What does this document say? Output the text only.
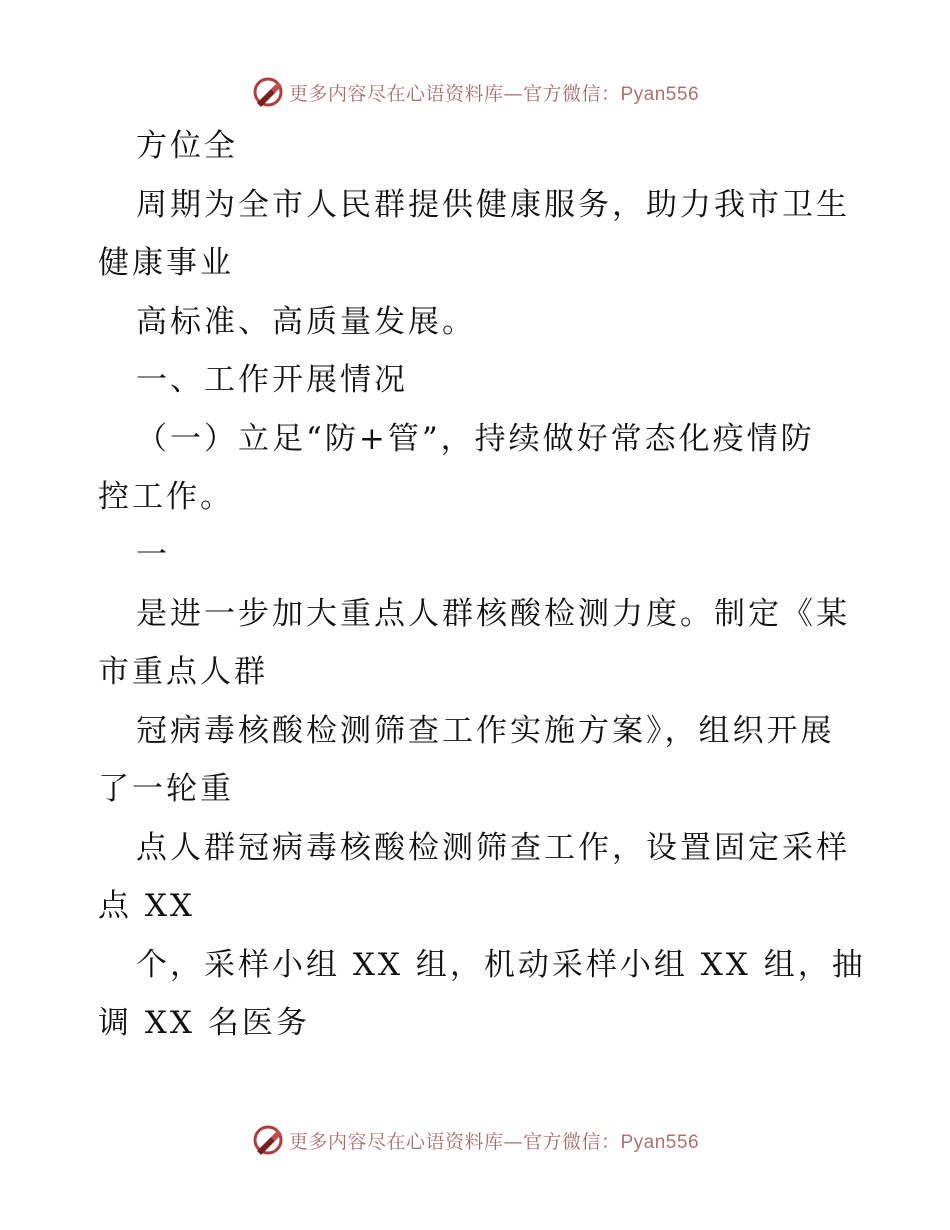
更多内容尽在心语资料库—官方微信：Pyan556
方位全
周期为全市人民群提供健康服务，助力我市卫生
健康事业
高标准、高质量发展。
一、工作开展情况
（一）立足“防+管”，持续做好常态化疫情防
控工作。
一
是进一步加大重点人群核酸检测力度。制定《某
市重点人群
冠病毒核酸检测筛查工作实施方案》，组织开展
了一轮重
点人群冠病毒核酸检测筛查工作，设置固定采样
点 XX
个，采样小组 XX 组，机动采样小组 XX 组，抽
调 XX 名医务
更多内容尽在心语资料库—官方微信：Pyan556
